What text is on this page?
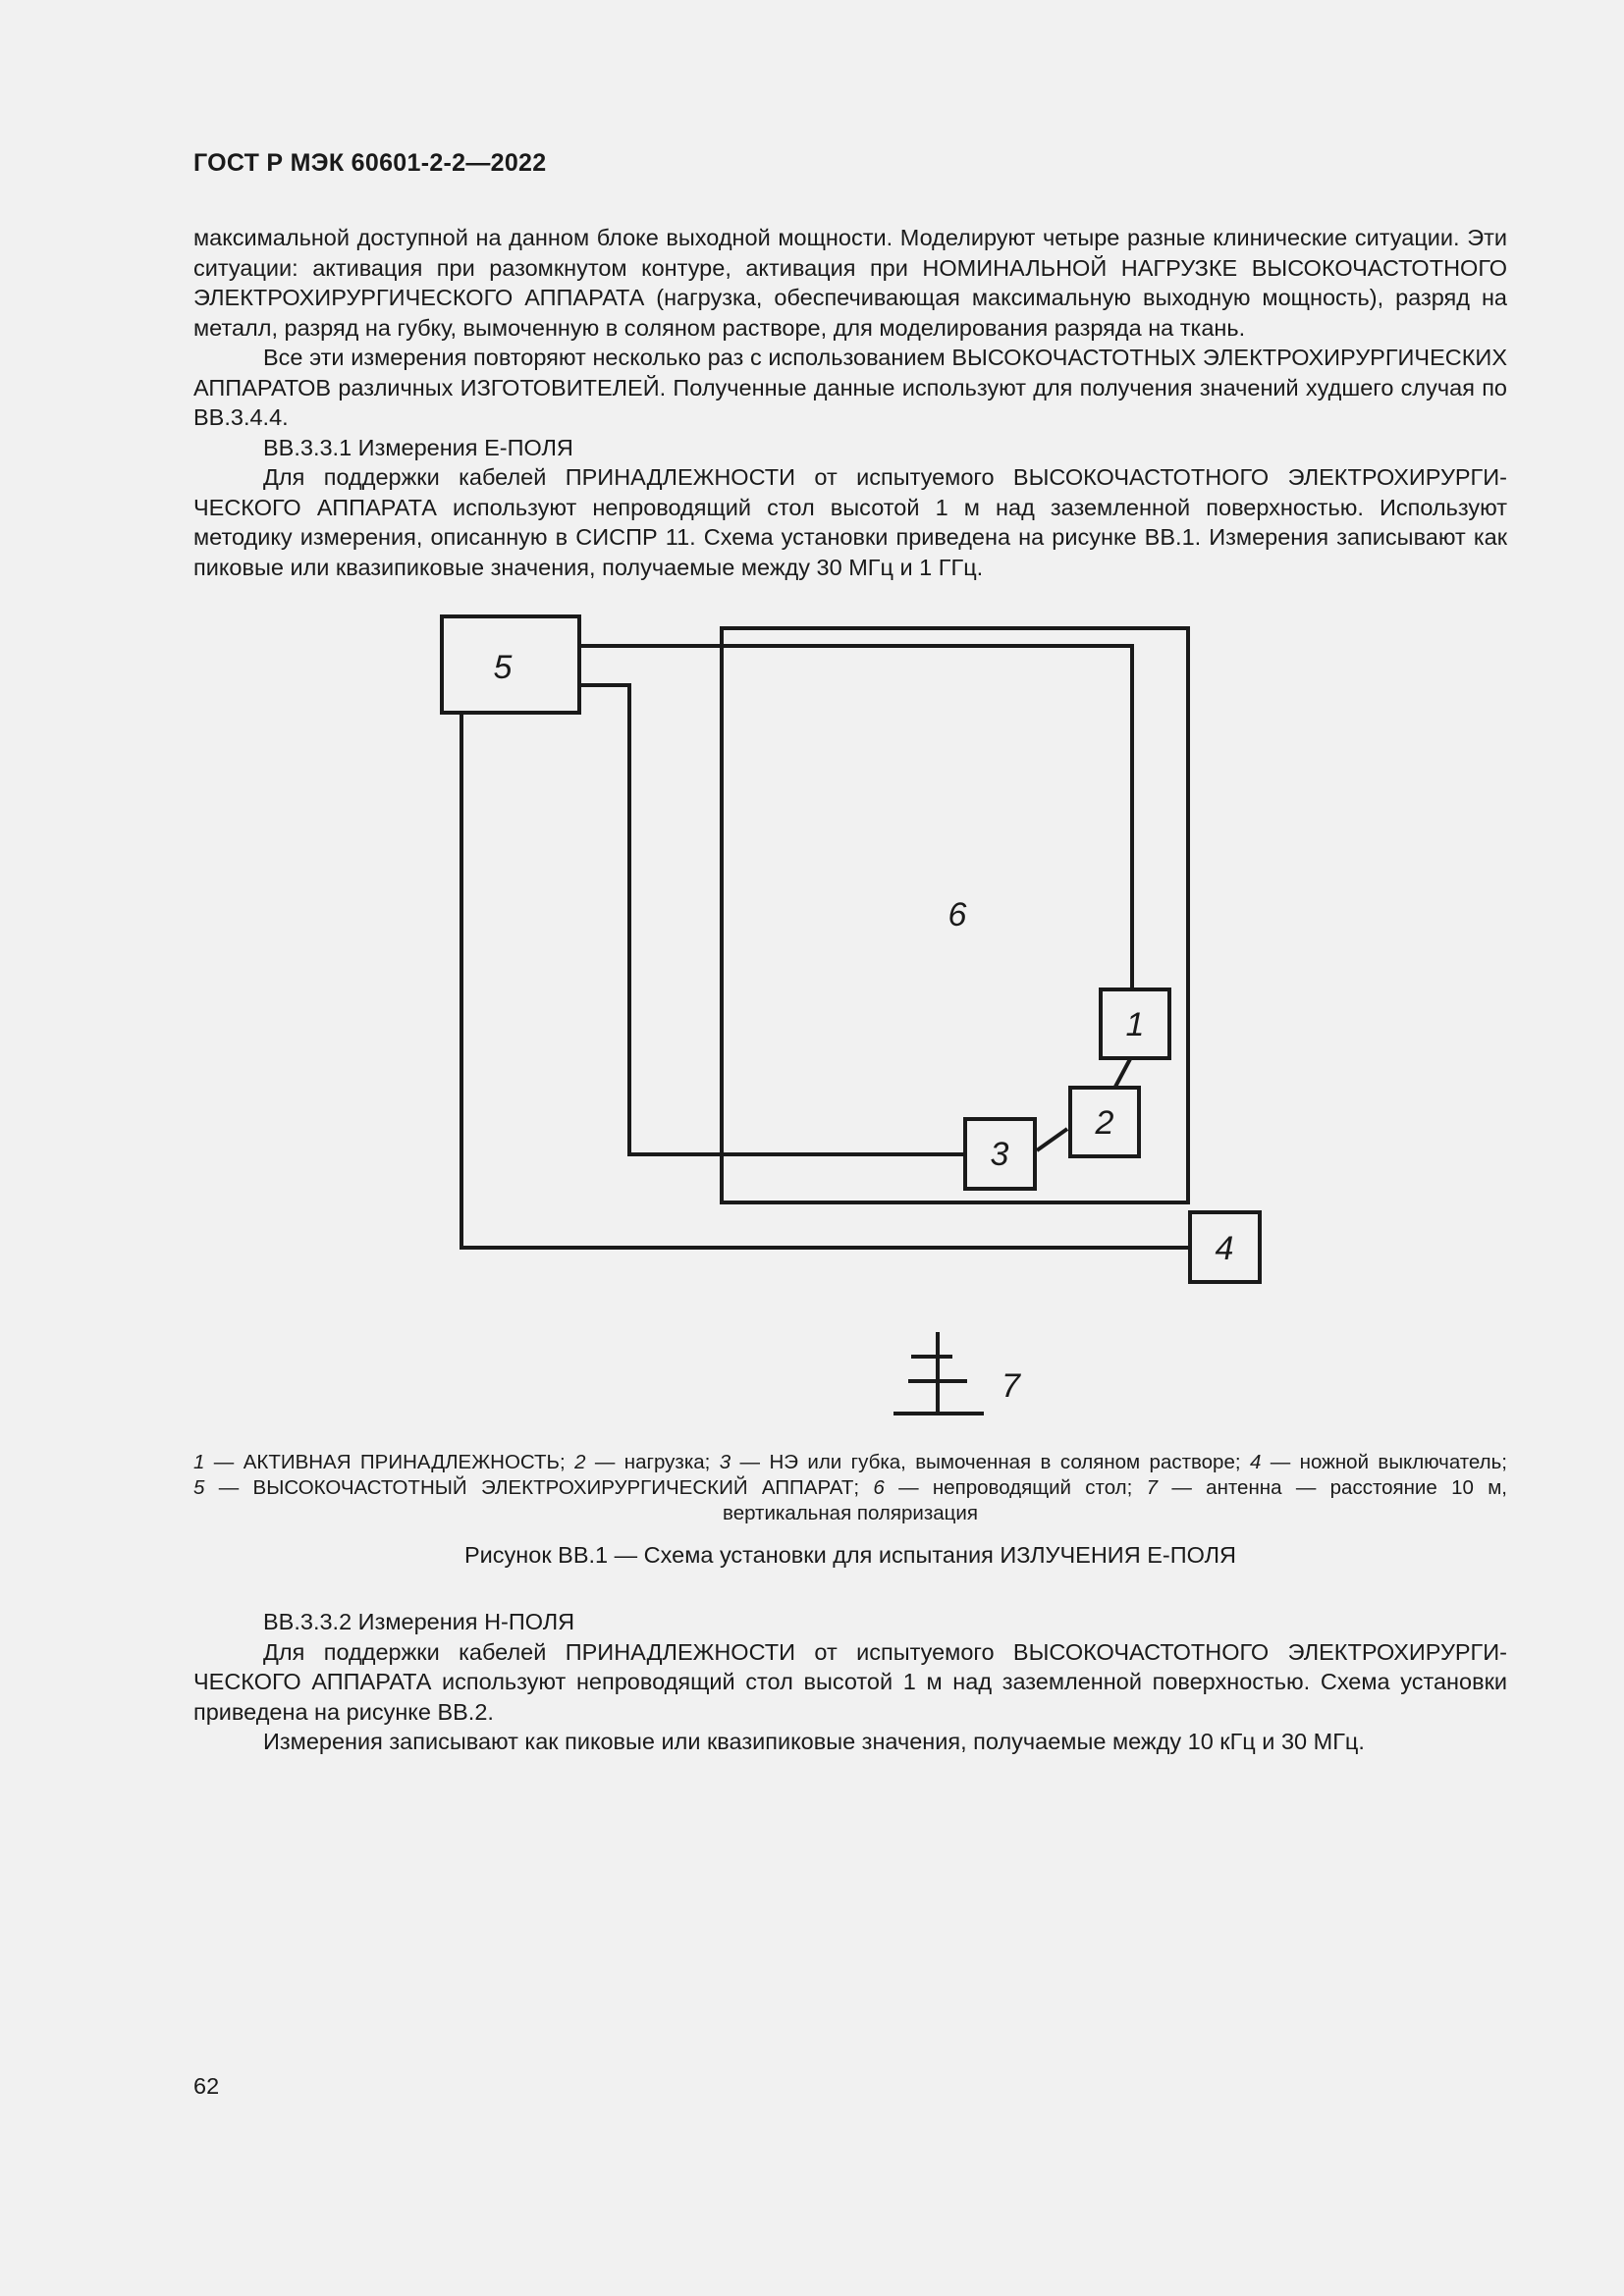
ГОСТ Р МЭК 60601-2-2—2022

максимальной доступной на данном блоке выходной мощности. Моделируют четыре разные клинические ситуации. Эти ситуации: активация при разомкнутом контуре, активация при НОМИНАЛЬНОЙ НАГРУЗКЕ ВЫСОКОЧАСТОТНОГО ЭЛЕКТРОХИРУРГИЧЕСКОГО АППАРАТА (нагрузка, обеспечивающая максимальную выходную мощность), разряд на металл, разряд на губку, вымоченную в соляном растворе, для моделирования разряда на ткань.

Все эти измерения повторяют несколько раз с использованием ВЫСОКОЧАСТОТНЫХ ЭЛЕКТРОХИРУРГИЧЕСКИХ АППАРАТОВ различных ИЗГОТОВИТЕЛЕЙ. Полученные данные используют для получения значений худшего случая по ВВ.3.4.4.

ВВ.3.3.1 Измерения Е-ПОЛЯ

Для поддержки кабелей ПРИНАДЛЕЖНОСТИ от испытуемого ВЫСОКОЧАСТОТНОГО ЭЛЕКТРОХИРУРГИЧЕСКОГО АППАРАТА используют непроводящий стол высотой 1 м над заземленной поверхностью. Используют методику измерения, описанную в СИСПР 11. Схема установки приведена на рисунке ВВ.1. Измерения записывают как пиковые или квазипиковые значения, получаемые между 30 МГц и 1 ГГц.

5
6
1
2
3
4
7
1 — АКТИВНАЯ ПРИНАДЛЕЖНОСТЬ; 2 — нагрузка; 3 — НЭ или губка, вымоченная в соляном растворе; 4 — ножной выключатель;
5 — ВЫСОКОЧАСТОТНЫЙ ЭЛЕКТРОХИРУРГИЧЕСКИЙ АППАРАТ; 6 — непроводящий стол; 7 — антенна — расстояние 10 м,
вертикальная поляризация
Рисунок ВВ.1 — Схема установки для испытания ИЗЛУЧЕНИЯ Е-ПОЛЯ

ВВ.3.3.2 Измерения Н-ПОЛЯ

Для поддержки кабелей ПРИНАДЛЕЖНОСТИ от испытуемого ВЫСОКОЧАСТОТНОГО ЭЛЕКТРОХИРУРГИЧЕСКОГО АППАРАТА используют непроводящий стол высотой 1 м над заземленной поверхностью. Схема установки приведена на рисунке ВВ.2.

Измерения записывают как пиковые или квазипиковые значения, получаемые между 10 кГц и 30 МГц.

62
